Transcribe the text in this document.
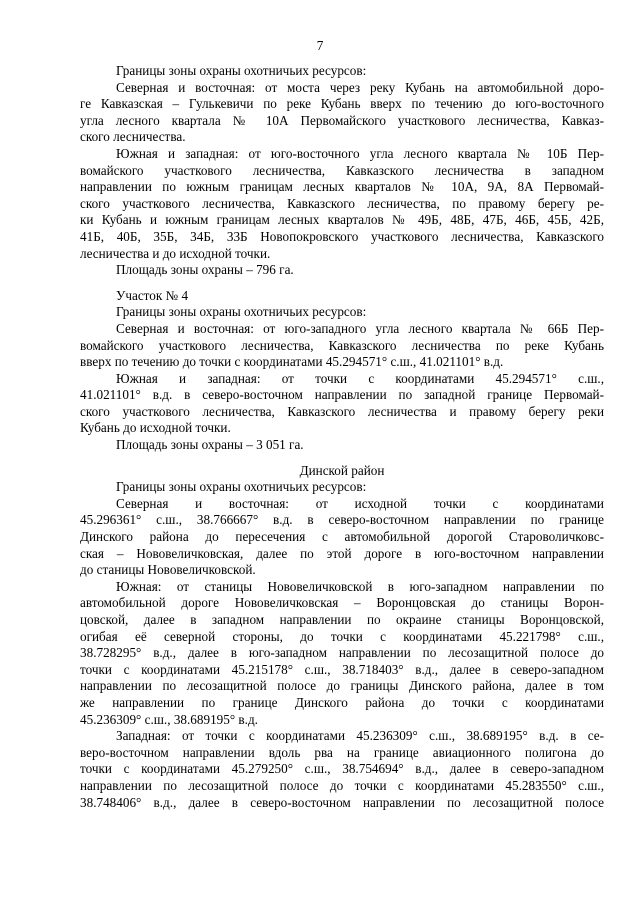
7

Границы зоны охраны охотничьих ресурсов:

Северная и восточная: от моста через реку Кубань на автомобильной доро-
ге Кавказская – Гулькевичи по реке Кубань вверх по течению до юго-восточного
угла лесного квартала № 10А Первомайского участкового лесничества, Кавказ-
ского лесничества.

Южная и западная: от юго-восточного угла лесного квартала № 10Б Пер-
вомайского участкового лесничества, Кавказского лесничества в западном
направлении по южным границам лесных кварталов № 10А, 9А, 8А Первомай-
ского участкового лесничества, Кавказского лесничества, по правому берегу ре-
ки Кубань и южным границам лесных кварталов № 49Б, 48Б, 47Б, 46Б, 45Б, 42Б,
41Б, 40Б, 35Б, 34Б, 33Б Новопокровского участкового лесничества, Кавказского
лесничества и до исходной точки.

Площадь зоны охраны – 796 га.

Участок № 4

Границы зоны охраны охотничьих ресурсов:

Северная и восточная: от юго-западного угла лесного квартала № 66Б Пер-
вомайского участкового лесничества, Кавказского лесничества по реке Кубань
вверх по течению до точки с координатами 45.294571° с.ш., 41.021101° в.д.

Южная и западная: от точки с координатами 45.294571° с.ш.,
41.021101° в.д. в северо-восточном направлении по западной границе Первомай-
ского участкового лесничества, Кавказского лесничества и правому берегу реки
Кубань до исходной точки.

Площадь зоны охраны – 3 051 га.

Динской район

Границы зоны охраны охотничьих ресурсов:

Северная и восточная: от исходной точки с координатами
45.296361° с.ш., 38.766667° в.д. в северо-восточном направлении по границе
Динского района до пересечения с автомобильной дорогой Староволичковс-
ская – Нововеличковская, далее по этой дороге в юго-восточном направлении
до станицы Нововеличковской.

Южная: от станицы Нововеличковской в юго-западном направлении по
автомобильной дороге Нововеличковская – Воронцовская до станицы Ворон-
цовской, далее в западном направлении по окраине станицы Воронцовской,
огибая её северной стороны, до точки с координатами 45.221798° с.ш.,
38.728295° в.д., далее в юго-западном направлении по лесозащитной полосе до
точки с координатами 45.215178° с.ш., 38.718403° в.д., далее в северо-западном
направлении по лесозащитной полосе до границы Динского района, далее в том
же направлении по границе Динского района до точки с координатами
45.236309° с.ш., 38.689195° в.д.

Западная: от точки с координатами 45.236309° с.ш., 38.689195° в.д. в се-
веро-восточном направлении вдоль рва на границе авиационного полигона до
точки с координатами 45.279250° с.ш., 38.754694° в.д., далее в северо-западном
направлении по лесозащитной полосе до точки с координатами 45.283550° с.ш.,
38.748406° в.д., далее в северо-восточном направлении по лесозащитной полосе
